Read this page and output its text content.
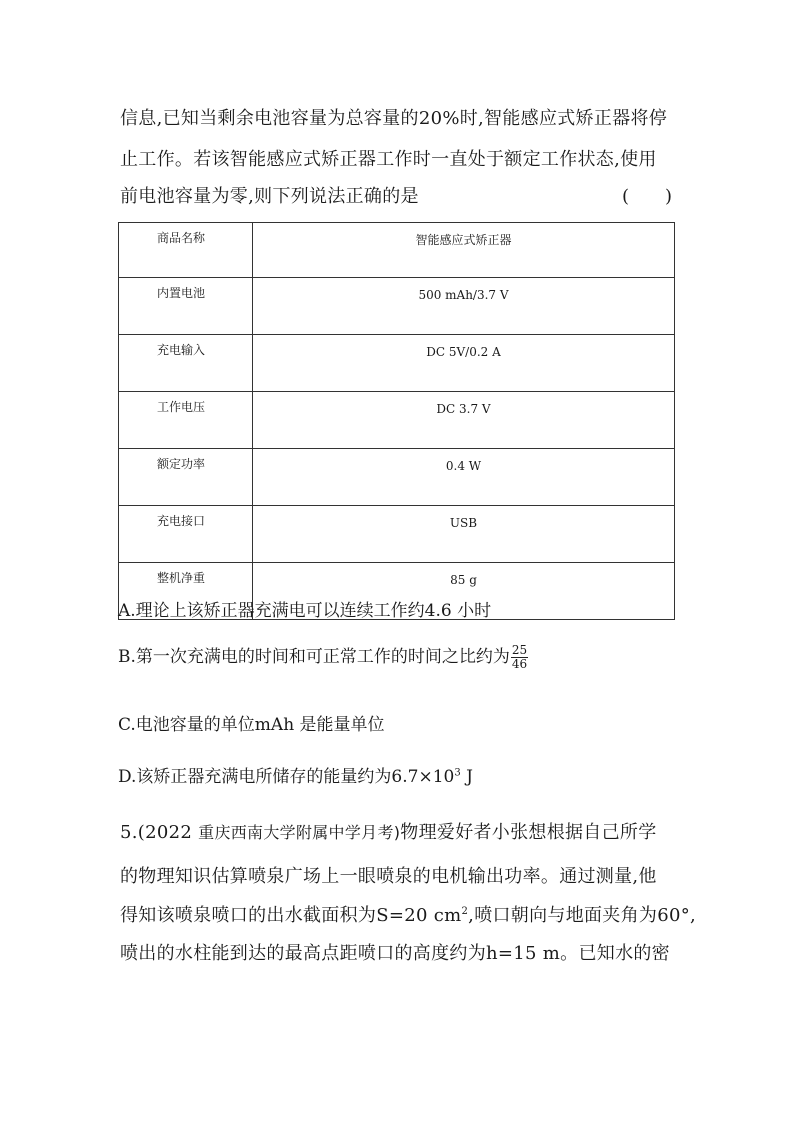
信息,已知当剩余电池容量为总容量的20%时,智能感应式矫正器将停
止工作。若该智能感应式矫正器工作时一直处于额定工作状态,使用
前电池容量为零,则下列说法正确的是	(　　)
商品名称	智能感应式矫正器
内置电池	500 mAh/3.7 V
充电输入	DC 5V/0.2 A
工作电压	DC 3.7 V
额定功率	0.4 W
充电接口	USB
整机净重	85 g
A.理论上该矫正器充满电可以连续工作约4.6 小时
B.第一次充满电的时间和可正常工作的时间之比约为 $\frac{25}{46}$
C.电池容量的单位mAh 是能量单位
D.该矫正器充满电所储存的能量约为$6.7\times 10^3$ J
5.(2022 重庆西南大学附属中学月考)物理爱好者小张想根据自己所学
的物理知识估算喷泉广场上一眼喷泉的电机输出功率。通过测量,他
得知该喷泉喷口的出水截面积为S=20 $cm^2$,喷口朝向与地面夹角为60°,
喷出的水柱能到达的最高点距喷口的高度约为h=15 m。已知水的密
